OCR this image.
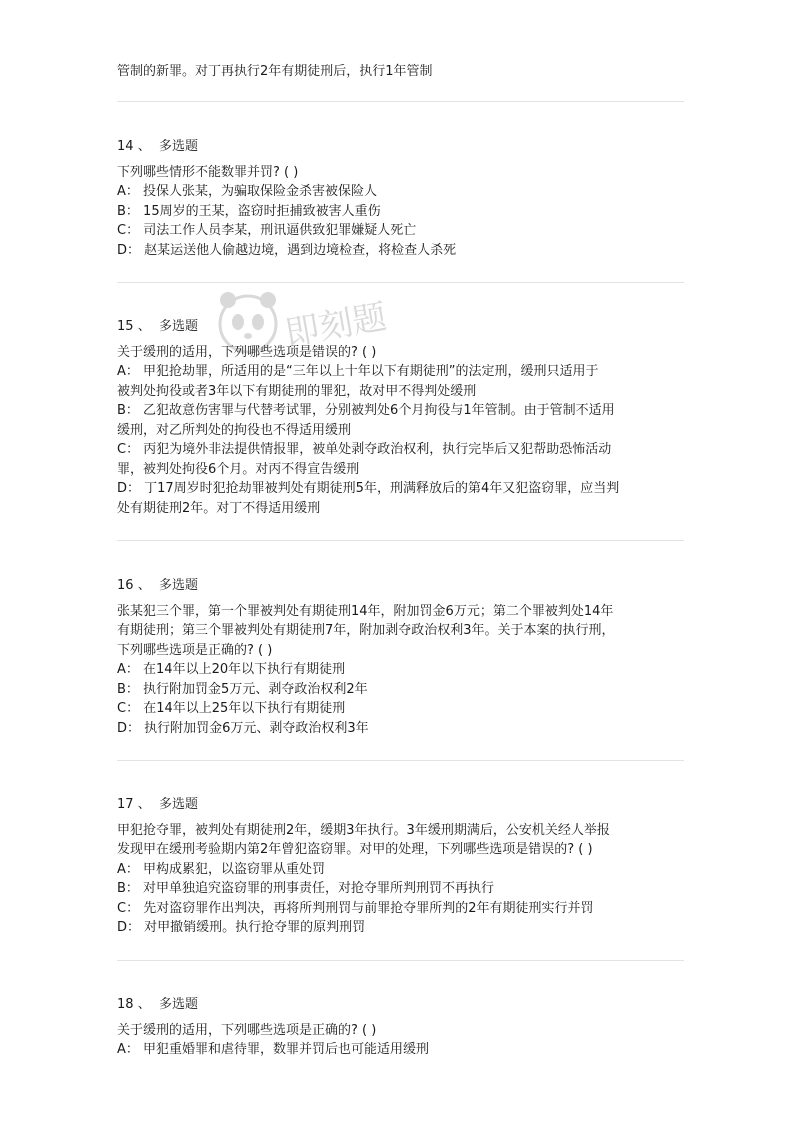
管制的新罪。对丁再执行2年有期徒刑后，执行1年管制

14 、 多选题

下列哪些情形不能数罪并罚? ( )

A： 投保人张某，为骗取保险金杀害被保险人

B： 15周岁的王某，盗窃时拒捕致被害人重伤

C： 司法工作人员李某，刑讯逼供致犯罪嫌疑人死亡

D： 赵某运送他人偷越边境，遇到边境检查，将检查人杀死

15 、 多选题

关于缓刑的适用，下列哪些选项是错误的? ( )

A： 甲犯抢劫罪，所适用的是“三年以上十年以下有期徒刑”的法定刑，缓刑只适用于

被判处拘役或者3年以下有期徒刑的罪犯，故对甲不得判处缓刑

B： 乙犯故意伤害罪与代替考试罪，分别被判处6个月拘役与1年管制。由于管制不适用

缓刑，对乙所判处的拘役也不得适用缓刑

C： 丙犯为境外非法提供情报罪，被单处剥夺政治权利，执行完毕后又犯帮助恐怖活动

罪，被判处拘役6个月。对丙不得宣告缓刑

D： 丁17周岁时犯抢劫罪被判处有期徒刑5年，刑满释放后的第4年又犯盗窃罪，应当判

处有期徒刑2年。对丁不得适用缓刑

16 、 多选题

张某犯三个罪，第一个罪被判处有期徒刑14年，附加罚金6万元；第二个罪被判处14年

有期徒刑；第三个罪被判处有期徒刑7年，附加剥夺政治权利3年。关于本案的执行刑，

下列哪些选项是正确的? ( )

A： 在14年以上20年以下执行有期徒刑

B： 执行附加罚金5万元、剥夺政治权利2年

C： 在14年以上25年以下执行有期徒刑

D： 执行附加罚金6万元、剥夺政治权利3年

17 、 多选题

甲犯抢夺罪，被判处有期徒刑2年，缓期3年执行。3年缓刑期满后，公安机关经人举报

发现甲在缓刑考验期内第2年曾犯盗窃罪。对甲的处理，下列哪些选项是错误的? ( )

A： 甲构成累犯，以盗窃罪从重处罚

B： 对甲单独追究盗窃罪的刑事责任，对抢夺罪所判刑罚不再执行

C： 先对盗窃罪作出判决，再将所判刑罚与前罪抢夺罪所判的2年有期徒刑实行并罚

D： 对甲撤销缓刑。执行抢夺罪的原判刑罚

18 、 多选题

关于缓刑的适用，下列哪些选项是正确的? ( )

A： 甲犯重婚罪和虐待罪，数罪并罚后也可能适用缓刑

即刻题
